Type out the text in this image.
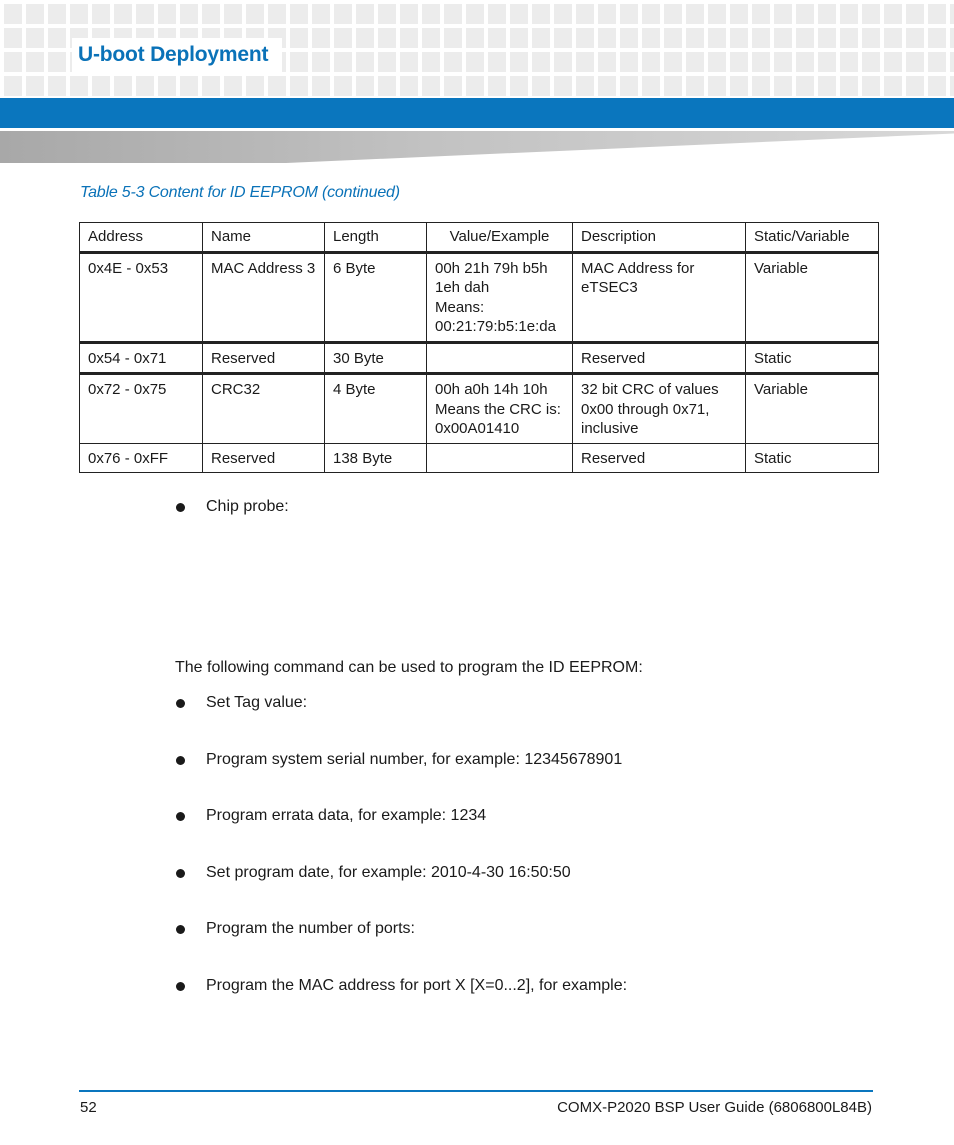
U-boot Deployment
Table 5-3 Content for ID EEPROM (continued)
Address	Name	Length	Value/Example	Description	Static/Variable
0x4E - 0x53	MAC Address 3	6 Byte	00h 21h 79h b5h
1eh dah
Means:
00:21:79:b5:1e:da	MAC Address for
eTSEC3	Variable
0x54 - 0x71	Reserved	30 Byte		Reserved	Static
0x72 - 0x75	CRC32	4 Byte	00h a0h 14h 10h
Means the CRC is:
0x00A01410	32 bit CRC of values
0x00 through 0x71,
inclusive	Variable
0x76 - 0xFF	Reserved	138 Byte		Reserved	Static
Chip probe:
The following command can be used to program the ID EEPROM:
Set Tag value:
Program system serial number, for example: 12345678901
Program errata data, for example: 1234
Set program date, for example: 2010-4-30 16:50:50
Program the number of ports:
Program the MAC address for port X [X=0...2], for example:
52	COMX-P2020 BSP User Guide (6806800L84B)
